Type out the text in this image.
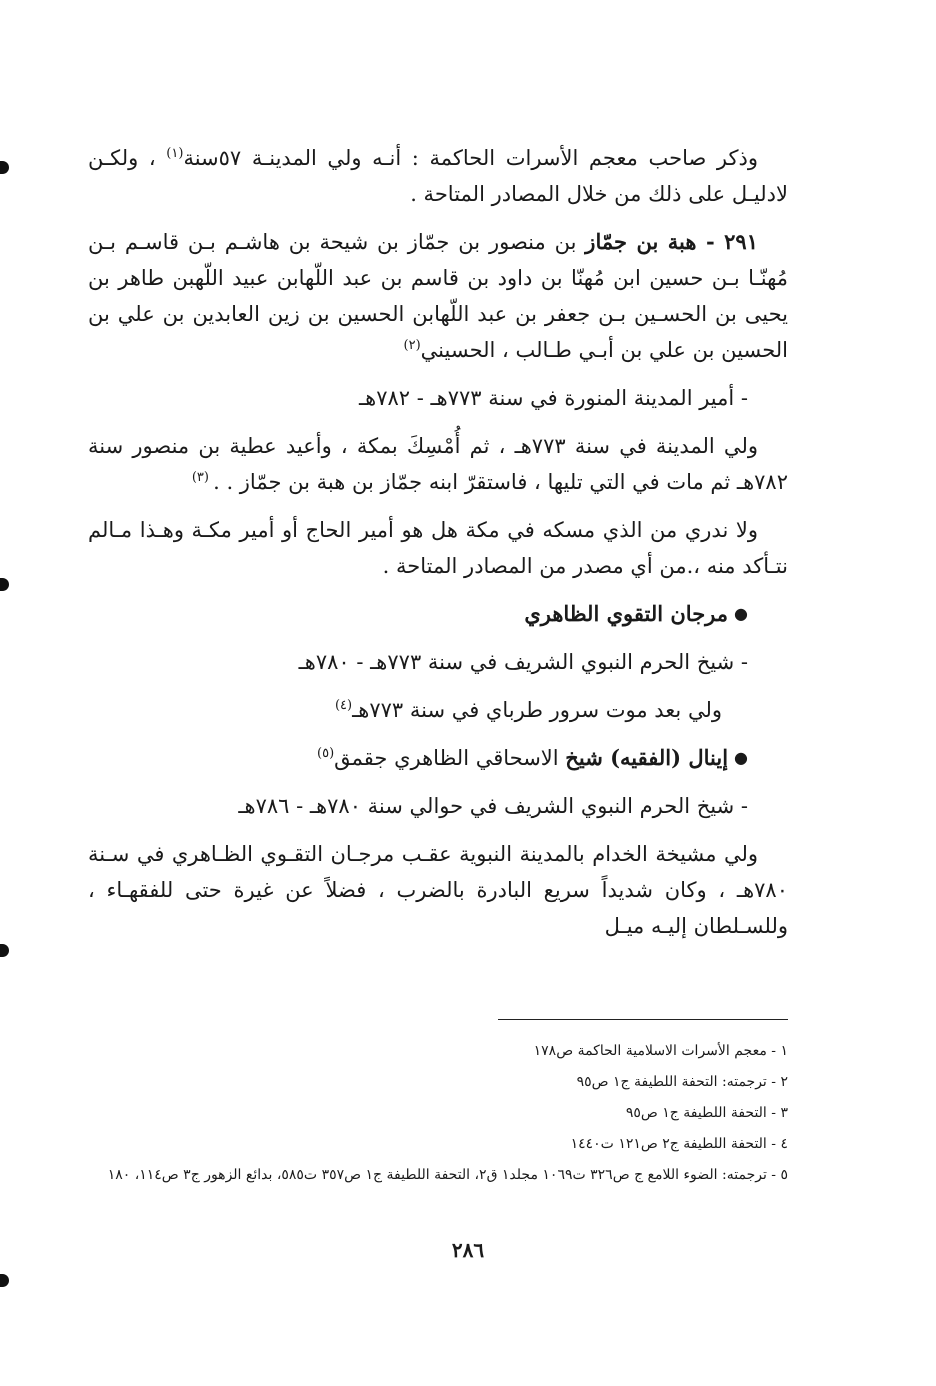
وذكر صاحب معجم الأسرات الحاكمة : أنـه ولي المدينـة ٥٧سنة$^{(١)}$ ، ولكـن لادليـل على ذلك من خلال المصادر المتاحة .

٢٩١ - هبة بن جمّاز بن منصور بن جمّاز بن شيحة بن هاشـم بـن قاسـم بـن مُهنّـا بـن حسين ابن مُهنّا بن داود بن قاسم بن عبد اللّهابن عبيد اللّهبن طاهر بن يحيى بن الحسـين بـن جعفر بن عبد اللّهابن الحسين بن زين العابدين بن علي بن الحسين بن علي بن أبـي طـالب ، الحسيني$^{(٢)}$

- أمير المدينة المنورة في سنة ٧٧٣هـ - ٧٨٢هـ

ولي المدينة في سنة ٧٧٣هـ ، ثم أُمْسِكَ بمكة ، وأعيد عطية بن منصور سنة ٧٨٢هـ ثم مات في التي تليها ، فاستقرّ ابنه جمّاز بن هبة بن جمّاز . . $^{(٣)}$

ولا ندري من الذي مسكه في مكة هل هو أمير الحاج أو أمير مكـة وهـذا مـالم نتـأكد منه ،.من أي مصدر من المصادر المتاحة .

●مرجان التقوي الظاهري

- شيخ الحرم النبوي الشريف في سنة ٧٧٣هـ - ٧٨٠هـ

ولي بعد موت سرور طرباي في سنة ٧٧٣هـ$^{(٤)}$

●إينال (الفقيه) شيخ الاسحاقي الظاهري جقمق$^{(٥)}$

- شيخ الحرم النبوي الشريف في حوالي سنة ٧٨٠هـ - ٧٨٦هـ

ولي مشيخة الخدام بالمدينة النبوية عقـب مرجـان التقـوي الظـاهري في سـنة ٧٨٠هـ ، وكان شديداً سريع البادرة بالضرب ، فضلاً عن غيرة حتى للفقهـاء ، وللسـلطان إليـه ميـل

١ - معجم الأسرات الاسلامية الحاكمة ص١٧٨

٢ - ترجمته: التحفة اللطيفة ج١ ص٩٥

٣ - التحفة اللطيفة ج١ ص٩٥

٤ - التحفة اللطيفة ج٢ ص١٢١ ت١٤٤٠

٥ - ترجمته: الضوء اللامع ج ص٣٢٦ ت١٠٦٩ مجلد١ ق٢، التحفة اللطيفة ج١ ص٣٥٧ ت٥٨٥، بدائع الزهور ج٣ ص١١٤، ١٨٠

٢٨٦
